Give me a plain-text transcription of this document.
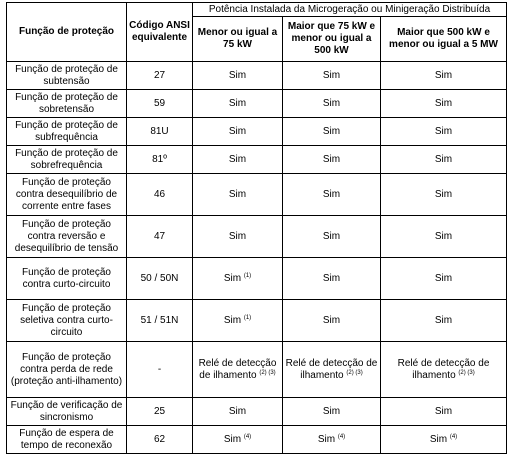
Função de proteção	Código ANSI equivalente	Potência Instalada da Microgeração ou Minigeração Distribuída		
		Menor ou igual a 75 kW	Maior que 75 kW e menor ou igual a 500 kW	Maior que 500 kW e menor ou igual a 5 MW
Função de proteção de subtensão	27	Sim	Sim	Sim
Função de proteção de sobretensão	59	Sim	Sim	Sim
Função de proteção de subfrequência	81U	Sim	Sim	Sim
Função de proteção de sobrefrequência	81º	Sim	Sim	Sim
Função de proteção contra desequilíbrio de corrente entre fases	46	Sim	Sim	Sim
Função de proteção contra reversão e desequilíbrio de tensão	47	Sim	Sim	Sim
Função de proteção contra curto-circuito	50 / 50N	Sim $^{(1)}$	Sim	Sim
Função de proteção seletiva contra curto-circuito	51 / 51N	Sim $^{(1)}$	Sim	Sim
Função de proteção contra perda de rede (proteção anti-ilhamento)	-	Relé de detecção de ilhamento $^{(2) (3)}$	Relé de detecção de ilhamento $^{(2) (3)}$	Relé de detecção de ilhamento $^{(2) (3)}$
Função de verificação de sincronismo	25	Sim	Sim	Sim
Função de espera de tempo de reconexão	62	Sim $^{(4)}$	Sim $^{(4)}$	Sim $^{(4)}$
